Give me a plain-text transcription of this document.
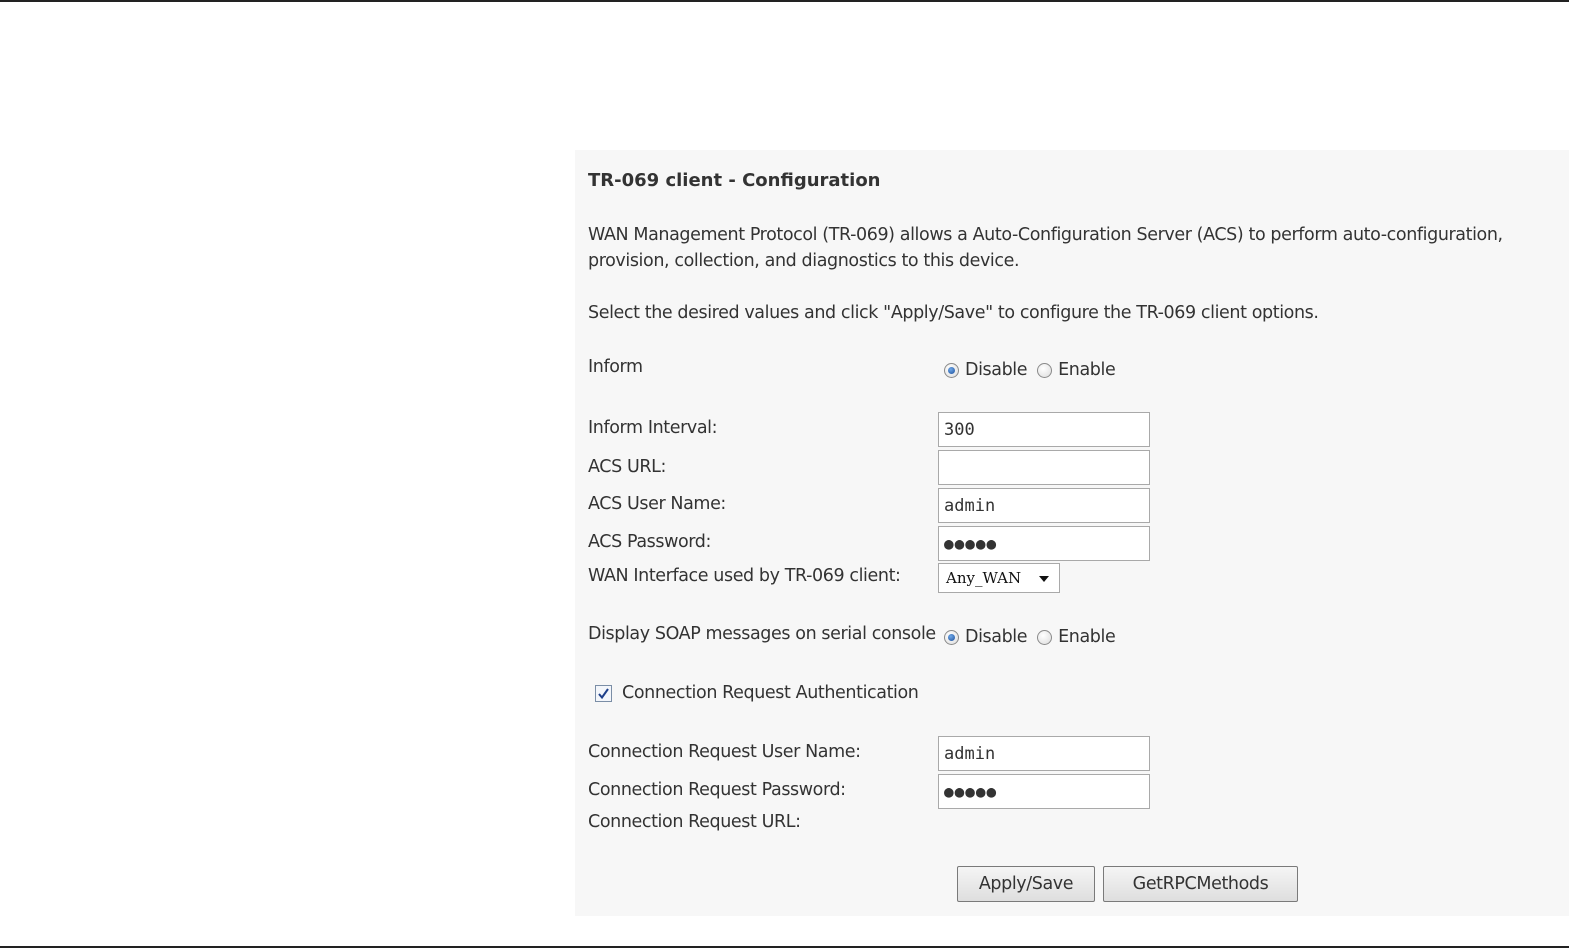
TR-069 client - Configuration
WAN Management Protocol (TR-069) allows a Auto-Configuration Server (ACS) to perform auto-configuration, provision, collection, and diagnostics to this device.
Select the desired values and click "Apply/Save" to configure the TR-069 client options.
Inform	Disable Enable
Inform Interval:	300
ACS URL:
ACS User Name:	admin
ACS Password:	●●●●●
WAN Interface used by TR-069 client:	Any_WAN
Display SOAP messages on serial console Disable Enable
Connection Request Authentication
Connection Request User Name:	admin
Connection Request Password:	●●●●●
Connection Request URL:
Apply/Save	GetRPCMethods
